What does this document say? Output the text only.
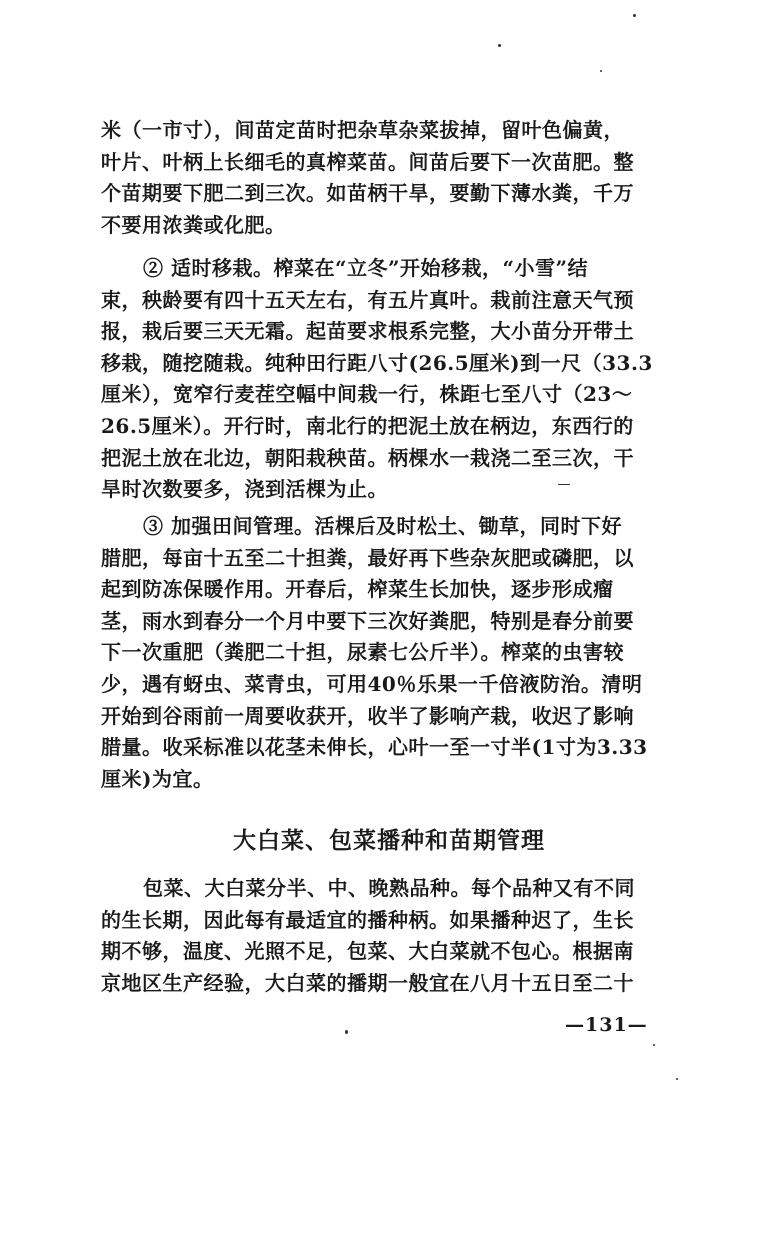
米（一市寸），间苗定苗时把杂草杂菜拔掉，留叶色偏黄，
叶片、叶柄上长细毛的真榨菜苗。间苗后要下一次苗肥。整
个苗期要下肥二到三次。如苗柄干旱，要勤下薄水粪，千万
不要用浓粪或化肥。
② 适时移栽。榨菜在“立冬”开始移栽，“小雪”结
束，秧龄要有四十五天左右，有五片真叶。栽前注意天气预
报，栽后要三天无霜。起苗要求根系完整，大小苗分开带土
移栽，随挖随栽。纯种田行距八寸(26.5厘米)到一尺（33.3
厘米），宽窄行麦茬空幅中间栽一行，株距七至八寸（23～
26.5厘米）。开行时，南北行的把泥土放在柄边，东西行的
把泥土放在北边，朝阳栽秧苗。柄棵水一栽浇二至三次，干
旱时次数要多，浇到活棵为止。
③ 加强田间管理。活棵后及时松土、锄草，同时下好
腊肥，每亩十五至二十担粪，最好再下些杂灰肥或磷肥，以
起到防冻保暖作用。开春后，榨菜生长加快，逐步形成瘤
茎，雨水到春分一个月中要下三次好粪肥，特别是春分前要
下一次重肥（粪肥二十担，尿素七公斤半）。榨菜的虫害较
少，遇有蚜虫、菜青虫，可用40％乐果一千倍液防治。清明
开始到谷雨前一周要收获开，收半了影响产栽，收迟了影响
腊量。收采标准以花茎未伸长，心叶一至一寸半(1寸为3.33
厘米)为宜。
大白菜、包菜播种和苗期管理
包菜、大白菜分半、中、晚熟品种。每个品种又有不同
的生长期，因此每有最适宜的播种柄。如果播种迟了，生长
期不够，温度、光照不足，包菜、大白菜就不包心。根据南
京地区生产经验，大白菜的播期一般宜在八月十五日至二十
—131—
